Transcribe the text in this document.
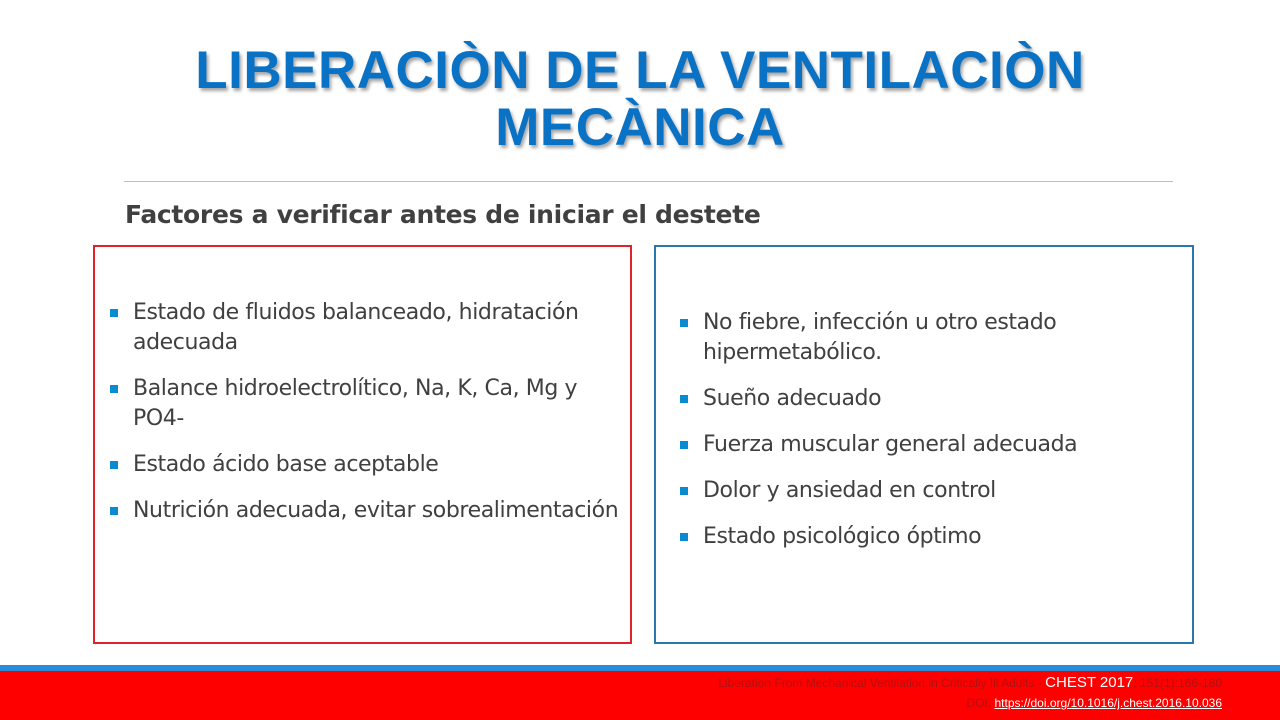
LIBERACIÒN DE LA VENTILACIÒN
MECÀNICA
Factores a verificar antes de iniciar el destete
Estado de fluidos balanceado, hidratación adecuada
Balance hidroelectrolítico, Na, K, Ca, Mg y PO4-
Estado ácido base aceptable
Nutrición adecuada, evitar sobrealimentación
No fiebre, infección u otro estado hipermetabólico.
Sueño adecuado
Fuerza muscular general adecuada
Dolor y ansiedad en control
Estado psicológico óptimo

Liberation From Mechanical Ventilation in Critically Ill Adults - CHEST 2017; 151(1):166-180

DOI: https://doi.org/10.1016/j.chest.2016.10.036
